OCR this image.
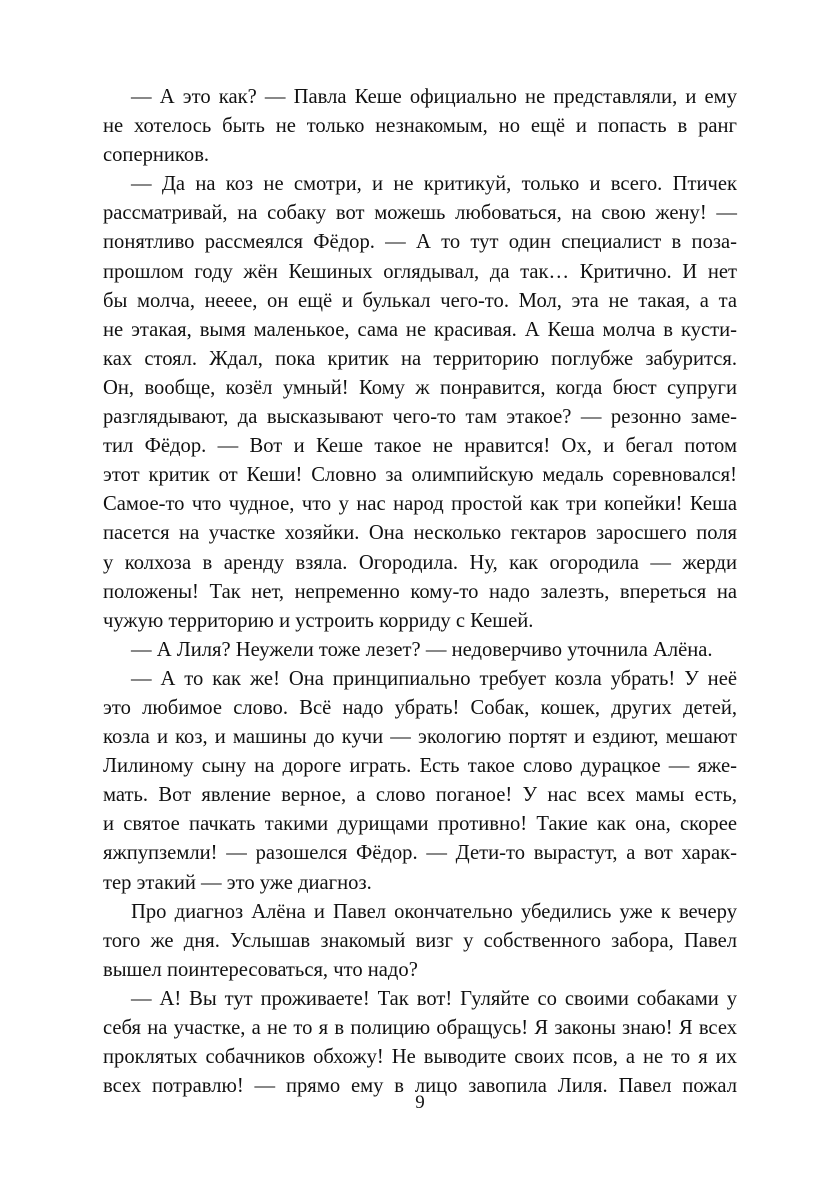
— А это как? — Павла Кеше официально не представляли, и ему
не хотелось быть не только незнакомым, но ещё и попасть в ранг
соперников.
— Да на коз не смотри, и не критикуй, только и всего. Птичек
рассматривай, на собаку вот можешь любоваться, на свою жену! —
понятливо рассмеялся Фёдор. — А то тут один специалист в поза-
прошлом году жён Кешиных оглядывал, да так… Критично. И нет
бы молча, нееее, он ещё и булькал чего-то. Мол, эта не такая, а та
не этакая, вымя маленькое, сама не красивая. А Кеша молча в кусти-
ках стоял. Ждал, пока критик на территорию поглубже забурится.
Он, вообще, козёл умный! Кому ж понравится, когда бюст супруги
разглядывают, да высказывают чего-то там этакое? — резонно заме-
тил Фёдор. — Вот и Кеше такое не нравится! Ох, и бегал потом
этот критик от Кеши! Словно за олимпийскую медаль соревновался!
Самое-то что чудное, что у нас народ простой как три копейки! Кеша
пасется на участке хозяйки. Она несколько гектаров заросшего поля
у колхоза в аренду взяла. Огородила. Ну, как огородила — жерди
положены! Так нет, непременно кому-то надо залезть, впереться на
чужую территорию и устроить корриду с Кешей.
— А Лиля? Неужели тоже лезет? — недоверчиво уточнила Алёна.
— А то как же! Она принципиально требует козла убрать! У неё
это любимое слово. Всё надо убрать! Собак, кошек, других детей,
козла и коз, и машины до кучи — экологию портят и ездиют, мешают
Лилиному сыну на дороге играть. Есть такое слово дурацкое — яже-
мать. Вот явление верное, а слово поганое! У нас всех мамы есть,
и святое пачкать такими дурищами противно! Такие как она, скорее
яжпупземли! — разошелся Фёдор. — Дети-то вырастут, а вот харак-
тер этакий — это уже диагноз.
Про диагноз Алёна и Павел окончательно убедились уже к вечеру
того же дня. Услышав знакомый визг у собственного забора, Павел
вышел поинтересоваться, что надо?
— А! Вы тут проживаете! Так вот! Гуляйте со своими собаками у
себя на участке, а не то я в полицию обращусь! Я законы знаю! Я всех
проклятых собачников обхожу! Не выводите своих псов, а не то я их
всех потравлю! — прямо ему в лицо завопила Лиля. Павел пожал
9
